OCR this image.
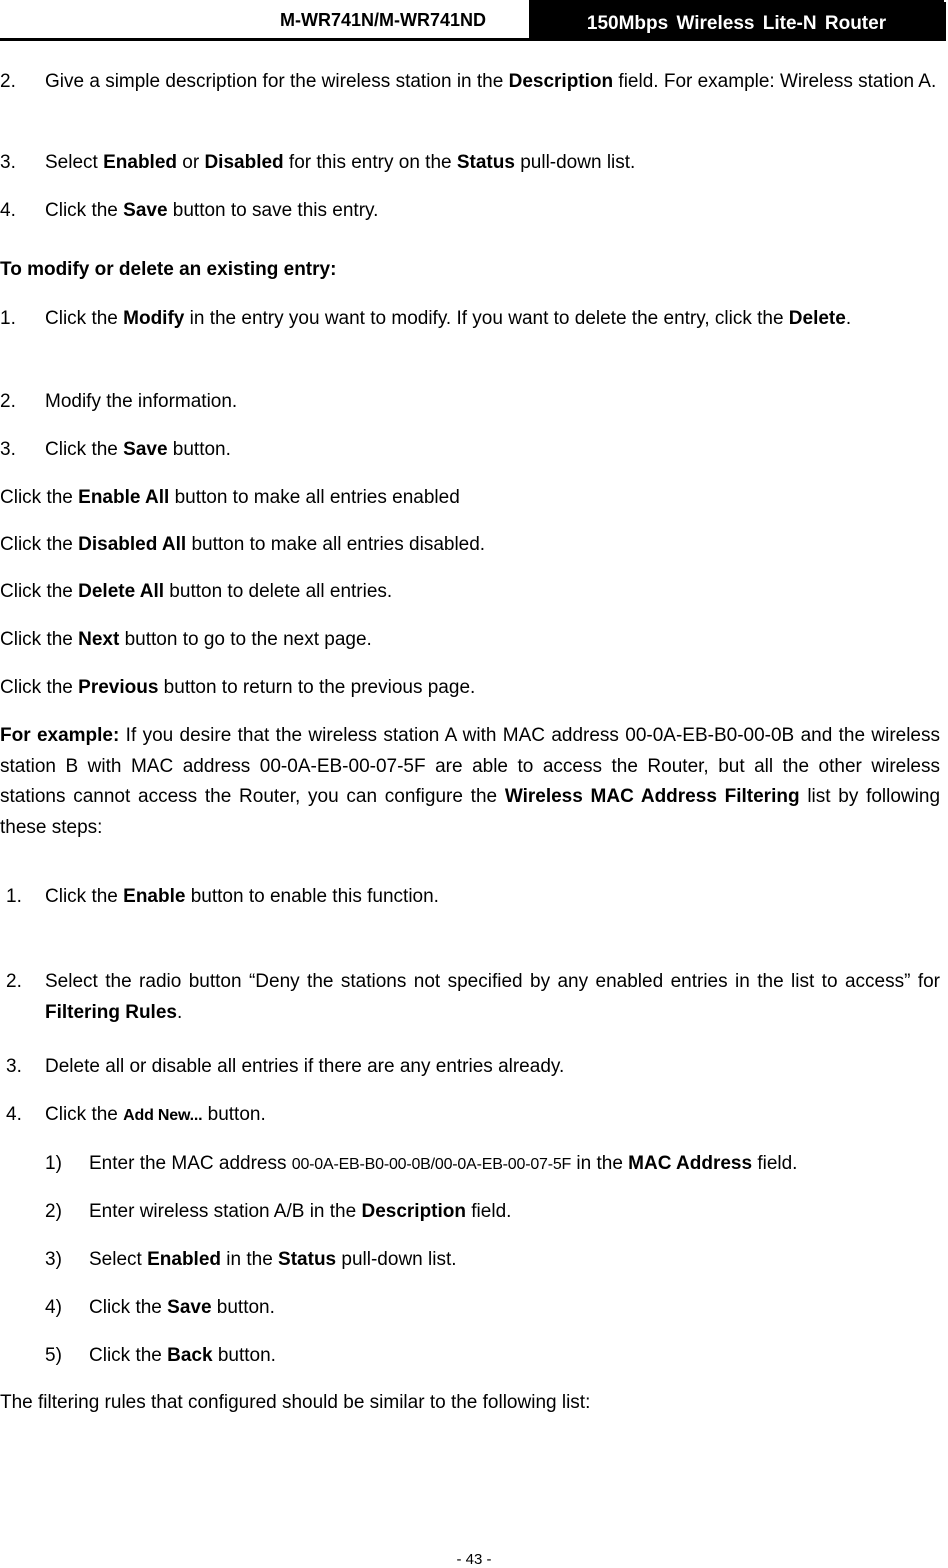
M-WR741N/M-WR741ND	150Mbps Wireless Lite-N Router
2. Give a simple description for the wireless station in the Description field. For example: Wireless station A.
3. Select Enabled or Disabled for this entry on the Status pull-down list.
4. Click the Save button to save this entry.
To modify or delete an existing entry:
1. Click the Modify in the entry you want to modify. If you want to delete the entry, click the Delete.
2. Modify the information.
3. Click the Save button.
Click the Enable All button to make all entries enabled
Click the Disabled All button to make all entries disabled.
Click the Delete All button to delete all entries.
Click the Next button to go to the next page.
Click the Previous button to return to the previous page.
For example: If you desire that the wireless station A with MAC address 00-0A-EB-B0-00-0B and the wireless station B with MAC address 00-0A-EB-00-07-5F are able to access the Router, but all the other wireless stations cannot access the Router, you can configure the Wireless MAC Address Filtering list by following these steps:
1. Click the Enable button to enable this function.
2. Select the radio button “Deny the stations not specified by any enabled entries in the list to access” for Filtering Rules.
3. Delete all or disable all entries if there are any entries already.
4. Click the Add New... button.
1) Enter the MAC address 00-0A-EB-B0-00-0B/00-0A-EB-00-07-5F in the MAC Address field.
2) Enter wireless station A/B in the Description field.
3) Select Enabled in the Status pull-down list.
4) Click the Save button.
5) Click the Back button.
The filtering rules that configured should be similar to the following list:
- 43 -
